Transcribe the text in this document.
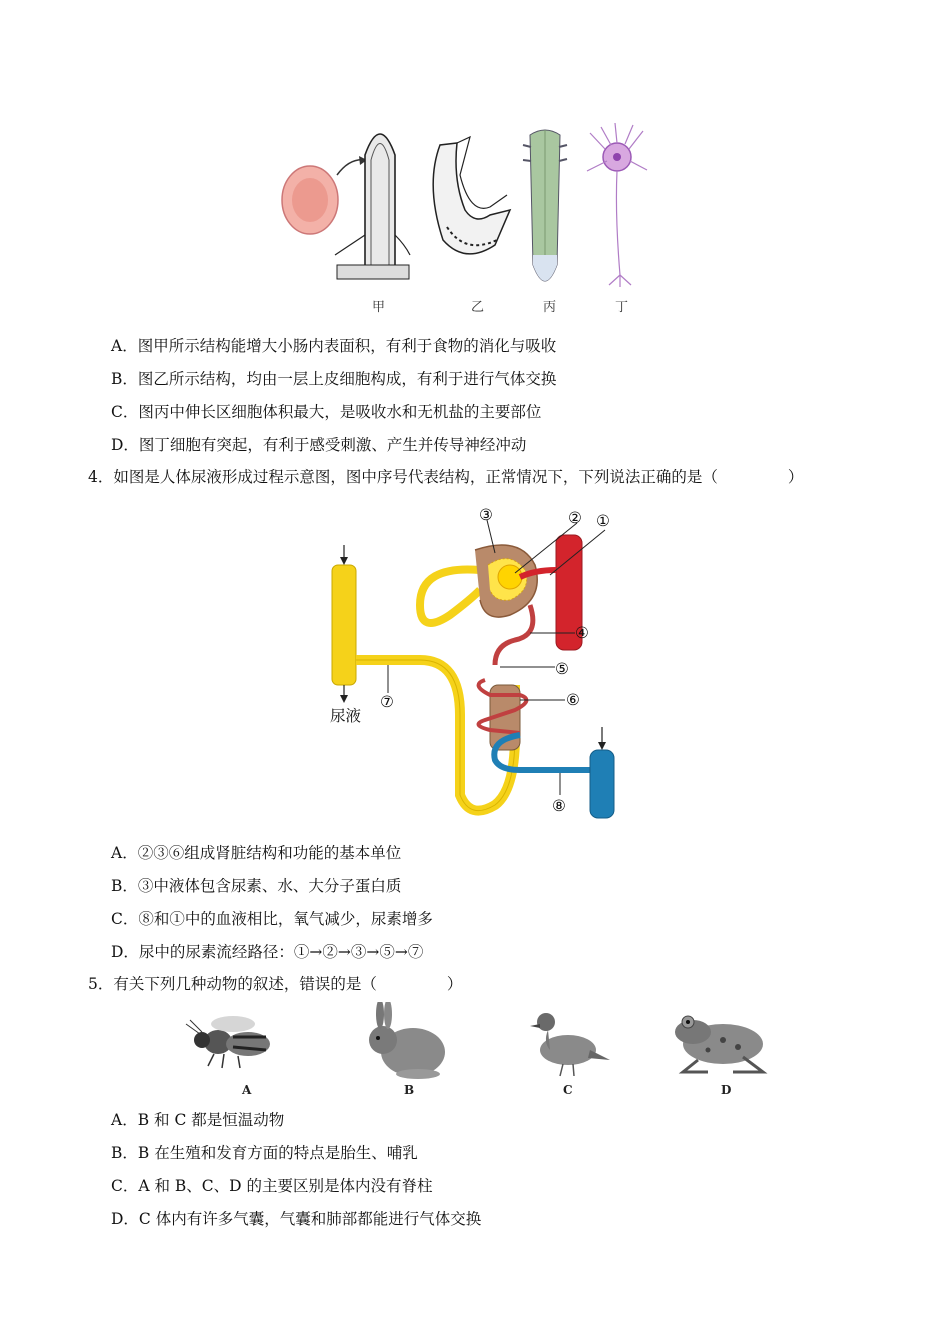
甲	乙	丙	丁
A．图甲所示结构能增大小肠内表面积，有利于食物的消化与吸收
B．图乙所示结构，均由一层上皮细胞构成，有利于进行气体交换
C．图丙中伸长区细胞体积最大，是吸收水和无机盐的主要部位
D．图丁细胞有突起，有利于感受刺激、产生并传导神经冲动
4．如图是人体尿液形成过程示意图，图中序号代表结构，正常情况下，下列说法正确的是（	）
③	② ①
④
⑤
⑥
⑦
⑧
尿液
A．②③⑥组成肾脏结构和功能的基本单位
B．③中液体包含尿素、水、大分子蛋白质
C．⑧和①中的血液相比，氧气减少，尿素增多
D．尿中的尿素流经路径：①→②→③→⑤→⑦
5．有关下列几种动物的叙述，错误的是（	）
A	B	C	D
A．B 和 C 都是恒温动物
B．B 在生殖和发育方面的特点是胎生、哺乳
C．A 和 B、C、D 的主要区别是体内没有脊柱
D．C 体内有许多气囊，气囊和肺部都能进行气体交换
